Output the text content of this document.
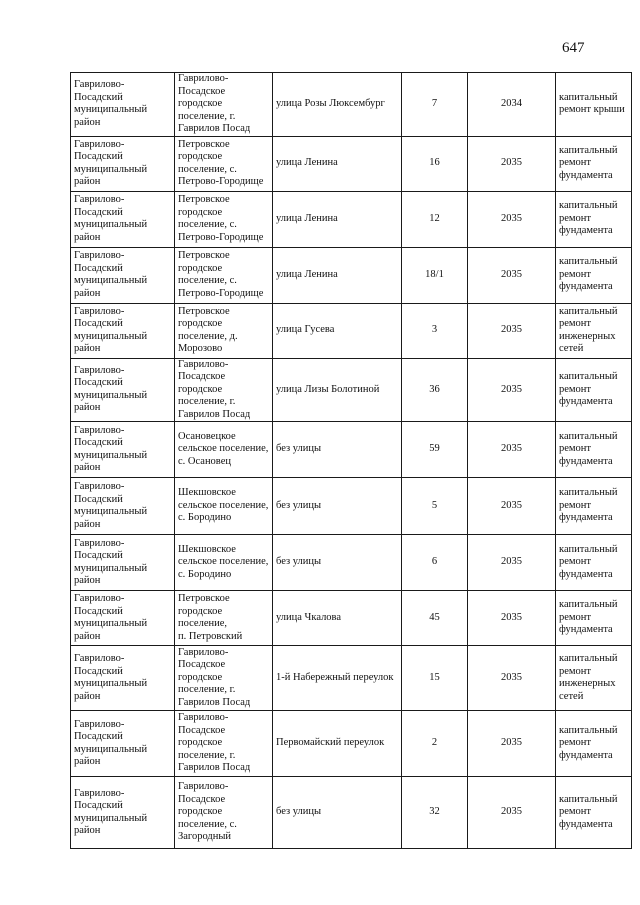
647
Гаврилово-
Посадский
муниципальный
район	Гаврилово-
Посадское
городское
поселение, г.
Гаврилов Посад	улица Розы Люксембург	7	2034	капитальный
ремонт крыши

Гаврилово-
Посадский
муниципальный
район	Петровское
городское
поселение, с.
Петрово-Городище	улица Ленина	16	2035	капитальный
ремонт
фундамента

Гаврилово-
Посадский
муниципальный
район	Петровское
городское
поселение, с.
Петрово-Городище	улица Ленина	12	2035	капитальный
ремонт
фундамента

Гаврилово-
Посадский
муниципальный
район	Петровское
городское
поселение, с.
Петрово-Городище	улица Ленина	18/1	2035	капитальный
ремонт
фундамента

Гаврилово-
Посадский
муниципальный
район	Петровское
городское
поселение, д.
Морозово	улица Гусева	3	2035	капитальный
ремонт
инженерных
сетей

Гаврилово-
Посадский
муниципальный
район	Гаврилово-
Посадское
городское
поселение, г.
Гаврилов Посад	улица Лизы Болотиной	36	2035	капитальный
ремонт
фундамента

Гаврилово-
Посадский
муниципальный
район	Осановецкое
сельское поселение,
с. Осановец	без улицы	59	2035	капитальный
ремонт
фундамента

Гаврилово-
Посадский
муниципальный
район	Шекшовское
сельское поселение,
с. Бородино	без улицы	5	2035	капитальный
ремонт
фундамента

Гаврилово-
Посадский
муниципальный
район	Шекшовское
сельское поселение,
с. Бородино	без улицы	6	2035	капитальный
ремонт
фундамента

Гаврилово-
Посадский
муниципальный
район	Петровское
городское
поселение,
п. Петровский	улица Чкалова	45	2035	капитальный
ремонт
фундамента

Гаврилово-
Посадский
муниципальный
район	Гаврилово-
Посадское
городское
поселение, г.
Гаврилов Посад	1-й Набережный переулок	15	2035	капитальный
ремонт
инженерных
сетей

Гаврилово-
Посадский
муниципальный
район	Гаврилово-
Посадское
городское
поселение, г.
Гаврилов Посад	Первомайский переулок	2	2035	капитальный
ремонт
фундамента

Гаврилово-
Посадский
муниципальный
район	Гаврилово-
Посадское
городское
поселение, с.
Загородный	без улицы	32	2035	капитальный
ремонт
фундамента
